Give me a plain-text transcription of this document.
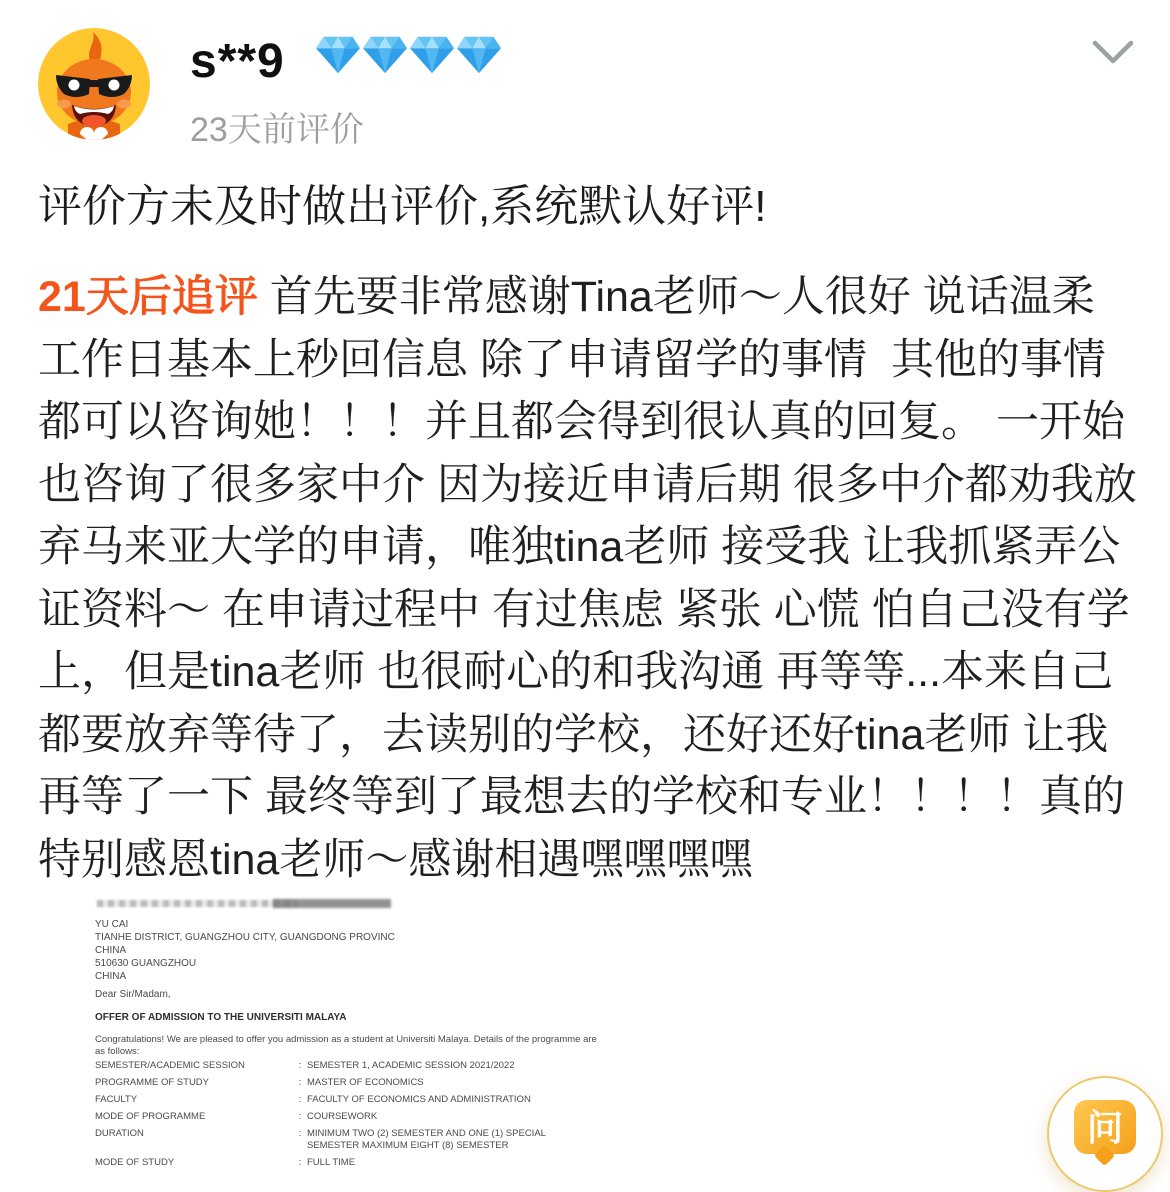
s**9
23天前评价
评价方未及时做出评价,系统默认好评!
21天后追评 首先要非常感谢Tina老师～人很好 说话温柔
工作日基本上秒回信息 除了申请留学的事情  其他的事情
都可以咨询她！！！并且都会得到很认真的回复。 一开始
也咨询了很多家中介 因为接近申请后期 很多中介都劝我放
弃马来亚大学的申请，唯独tina老师 接受我 让我抓紧弄公
证资料～ 在申请过程中 有过焦虑 紧张 心慌 怕自己没有学
上，但是tina老师 也很耐心的和我沟通 再等等...本来自己
都要放弃等待了，去读别的学校，还好还好tina老师 让我
再等了一下 最终等到了最想去的学校和专业！！！！真的
特别感恩tina老师～感谢相遇嘿嘿嘿嘿
YU CAI
TIANHE DISTRICT, GUANGZHOU CITY, GUANGDONG PROVINC
CHINA
510630 GUANGZHOU
CHINA
Dear Sir/Madam,
OFFER OF ADMISSION TO THE UNIVERSITI MALAYA
Congratulations! We are pleased to offer you admission as a student at Universiti Malaya. Details of the programme are
as follows:
SEMESTER/ACADEMIC SESSION	: SEMESTER 1, ACADEMIC SESSION 2021/2022
PROGRAMME OF STUDY	: MASTER OF ECONOMICS
FACULTY	: FACULTY OF ECONOMICS AND ADMINISTRATION
MODE OF PROGRAMME	: COURSEWORK
DURATION	: MINIMUM TWO (2) SEMESTER AND ONE (1) SPECIAL SEMESTER MAXIMUM EIGHT (8) SEMESTER
MODE OF STUDY	: FULL TIME
问
